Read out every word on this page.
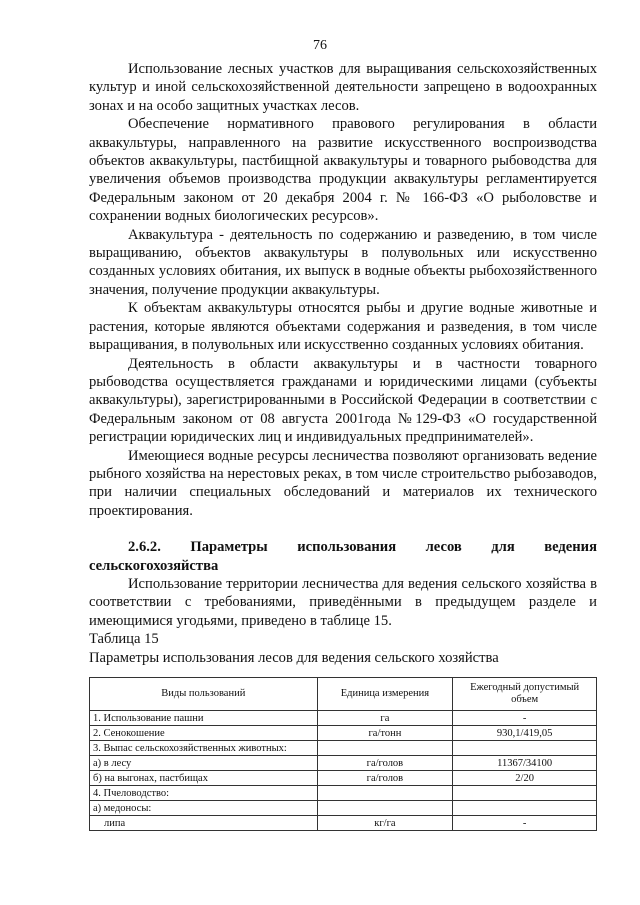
76

Использование лесных участков для выращивания сельскохозяйственных культур и иной сельскохозяйственной деятельности запрещено в водоохранных зонах и на особо защитных участках лесов.

Обеспечение нормативного правового регулирования в области аквакультуры, направленного на развитие искусственного воспроизводства объектов аквакультуры, пастбищной аквакультуры и товарного рыбоводства для увеличения объемов производства продукции аквакультуры регламентируется Федеральным законом от 20 декабря 2004 г. № 166-ФЗ «О рыболовстве и сохранении водных биологических ресурсов».

Аквакультура - деятельность по содержанию и разведению, в том числе выращиванию, объектов аквакультуры в полувольных или искусственно созданных условиях обитания, их выпуск в водные объекты рыбохозяйственного значения, получение продукции аквакультуры.

К объектам аквакультуры относятся рыбы и другие водные животные и растения, которые являются объектами содержания и разведения, в том числе выращивания, в полувольных или искусственно созданных условиях обитания.

Деятельность в области аквакультуры и в частности товарного рыбоводства осуществляется гражданами и юридическими лицами (субъекты аквакультуры), зарегистрированными в Российской Федерации в соответствии с Федеральным законом от 08 августа 2001года №129-ФЗ «О государственной регистрации юридических лиц и индивидуальных предпринимателей».

Имеющиеся водные ресурсы лесничества позволяют организовать ведение рыбного хозяйства на нерестовых реках, в том числе строительство рыбозаводов, при наличии специальных обследований и материалов их технического проектирования.

2.6.2. Параметры использования лесов для ведения сельскогохозяйства

Использование территории лесничества для ведения сельского хозяйства в соответствии с требованиями, приведёнными в предыдущем разделе и имеющимися угодьями, приведено в таблице 15.

Таблица 15

Параметры использования лесов для ведения сельского хозяйства

Виды пользований	Единица измерения	Ежегодный допустимый объем
1. Использование пашни	га	-
2. Сенокошение	га/тонн	930,1/419,05
3. Выпас сельскохозяйственных животных:		
а) в лесу	га/голов	11367/34100
б) на выгонах, пастбищах	га/голов	2/20
4. Пчеловодство:		
а) медоносы:		
липа	кг/га	-
